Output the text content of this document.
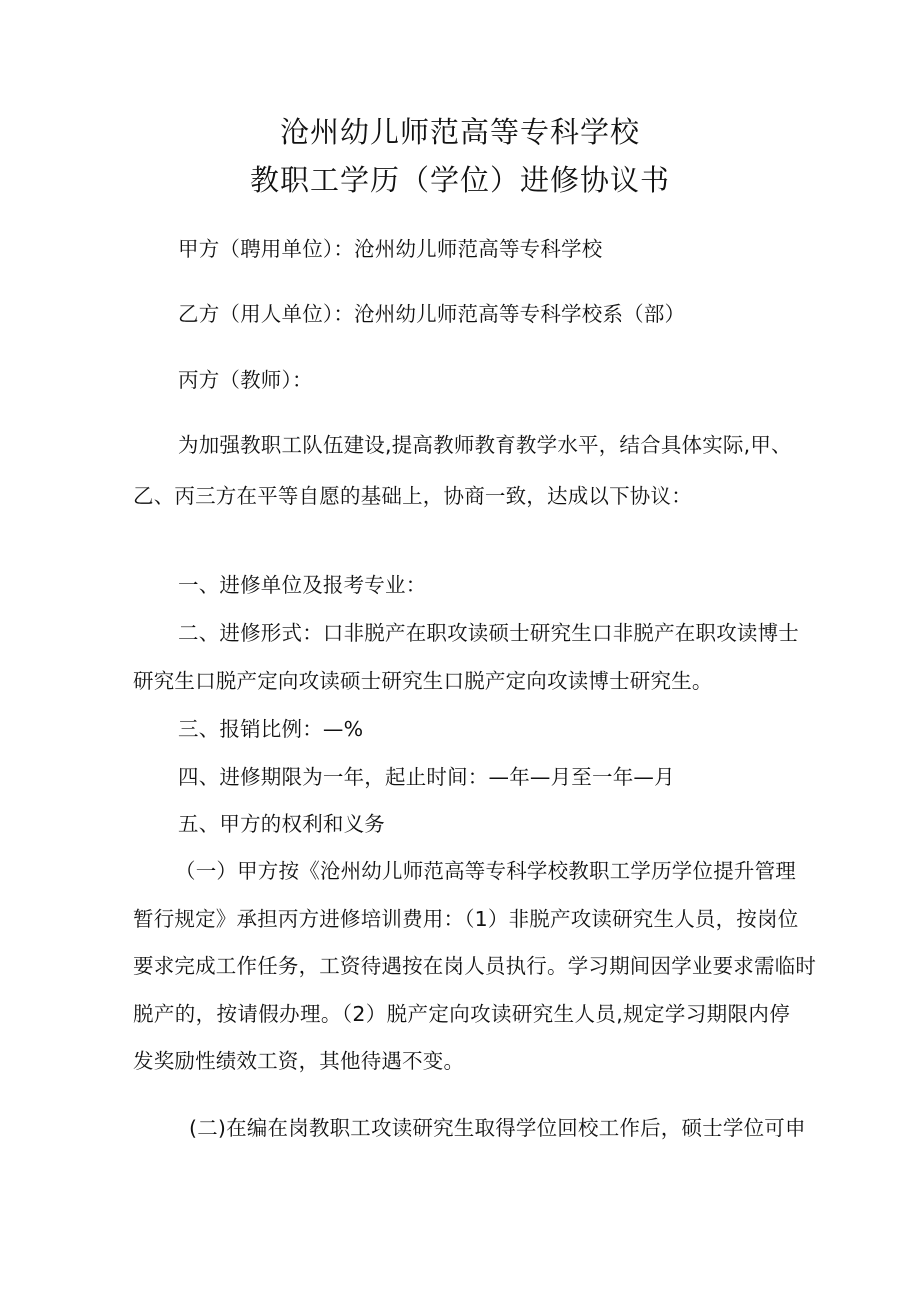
沧州幼儿师范高等专科学校
教职工学历（学位）进修协议书
甲方（聘用单位）：沧州幼儿师范高等专科学校
乙方（用人单位）：沧州幼儿师范高等专科学校系（部）
丙方（教师）：
为加强教职工队伍建设,提高教师教育教学水平，结合具体实际,甲、
乙、丙三方在平等自愿的基础上，协商一致，达成以下协议：
一、进修单位及报考专业：
二、进修形式：口非脱产在职攻读硕士研究生口非脱产在职攻读博士
研究生口脱产定向攻读硕士研究生口脱产定向攻读博士研究生。
三、报销比例：—%
四、进修期限为一年，起止时间：—年—月至一年—月
五、甲方的权利和义务
（一）甲方按《沧州幼儿师范高等专科学校教职工学历学位提升管理
暂行规定》承担丙方进修培训费用：（1）非脱产攻读研究生人员，按岗位
要求完成工作任务，工资待遇按在岗人员执行。学习期间因学业要求需临时
脱产的，按请假办理。（2）脱产定向攻读研究生人员,规定学习期限内停
发奖励性绩效工资，其他待遇不变。
(二)在编在岗教职工攻读研究生取得学位回校工作后，硕士学位可申
